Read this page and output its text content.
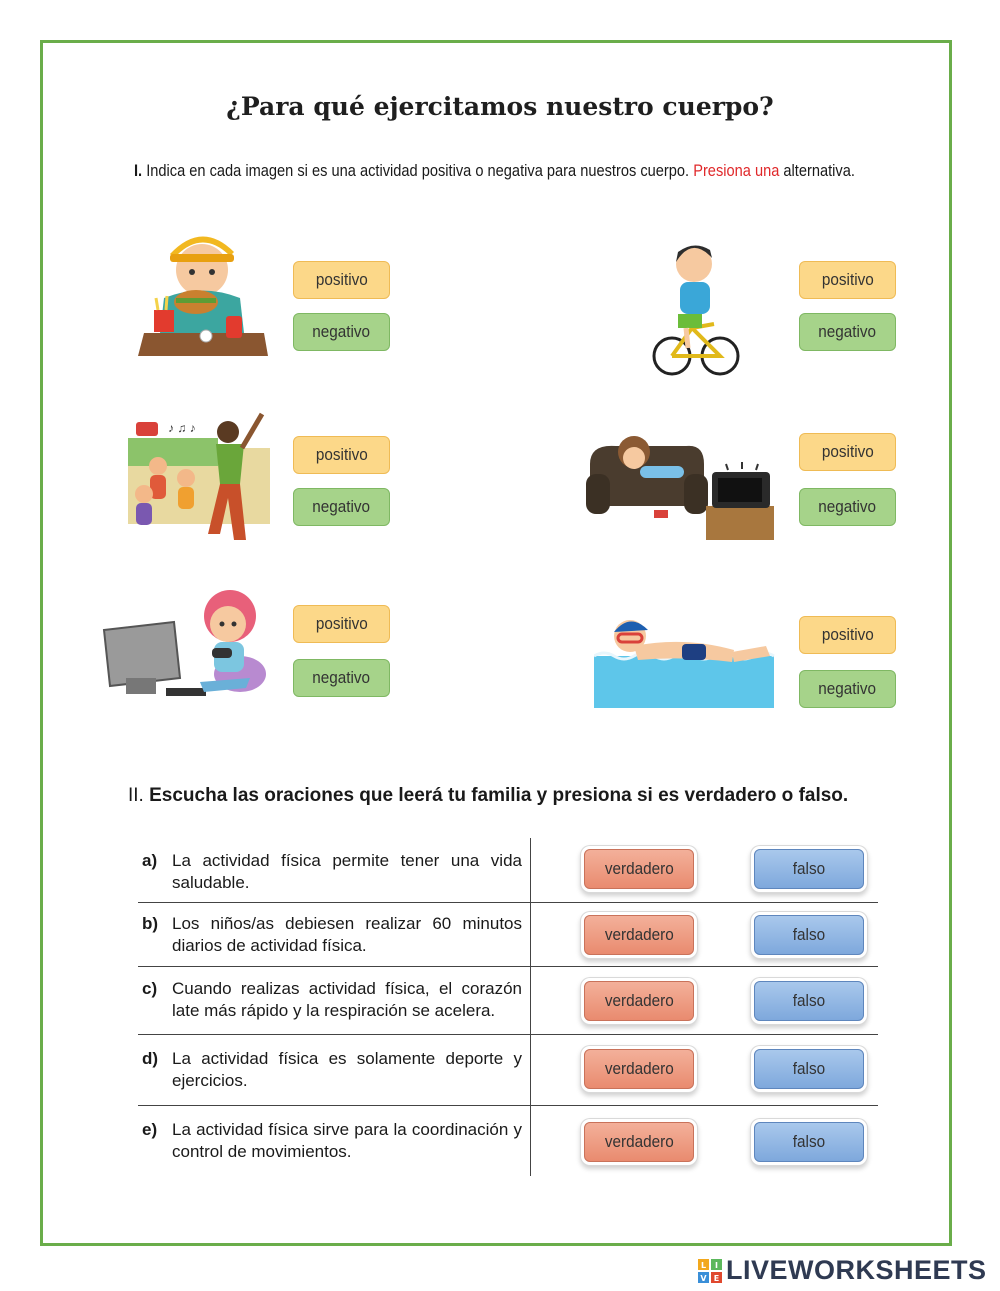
¿Para qué ejercitamos nuestro cuerpo?
I. Indica en cada imagen si es una actividad positiva o negativa para nuestros cuerpo. Presiona una alternativa.
positivo
negativo
positivo
negativo
♪ ♫ ♪
positivo
negativo
positivo
negativo
positivo
negativo
positivo
negativo
II. Escucha las oraciones que leerá tu familia y presiona si es verdadero o falso.
a) La actividad física permite tener una vida saludable.
verdadero	falso
b) Los niños/as debiesen realizar 60 minutos diarios de actividad física.
verdadero	falso
c) Cuando realizas actividad física, el corazón late más rápido y la respiración se acelera.
verdadero	falso
d) La actividad física es solamente deporte y ejercicios.
verdadero	falso
e) La actividad física sirve para la coordinación y control de movimientos.
verdadero	falso
L I
V E LIVEWORKSHEETS
